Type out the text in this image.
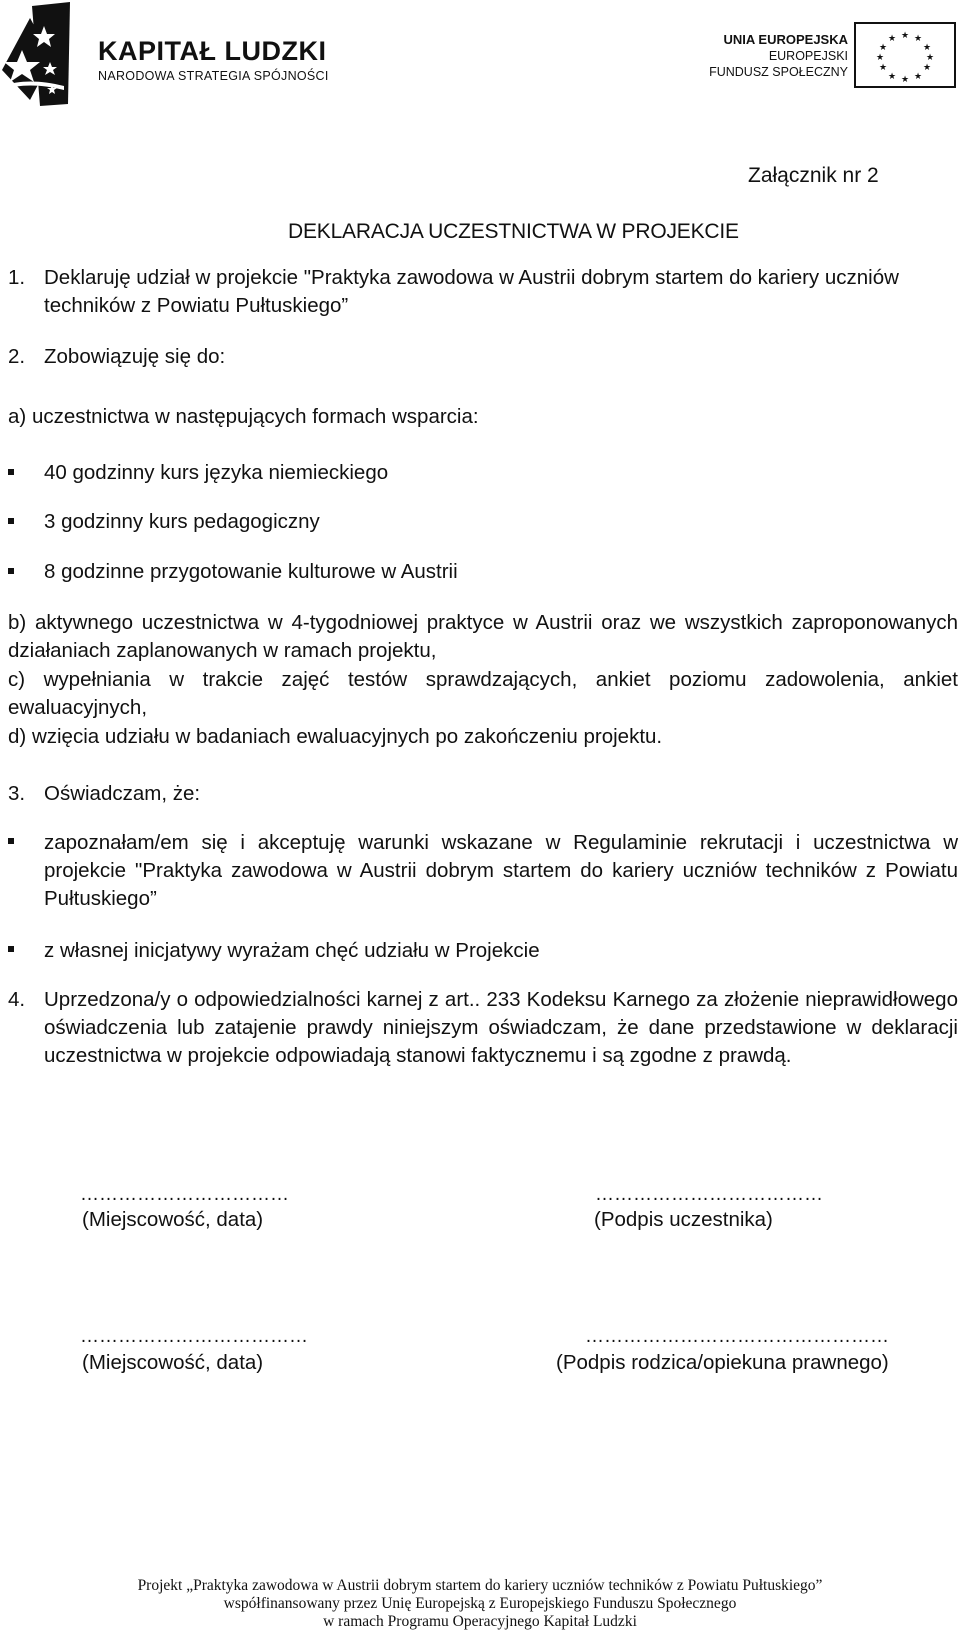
KAPITAŁ LUDZKI
NARODOWA STRATEGIA SPÓJNOŚCI
UNIA EUROPEJSKA
EUROPEJSKI
FUNDUSZ SPOŁECZNY
★ ★
★
★
★
★
★
★
★
★
★
★
Załącznik nr 2
DEKLARACJA UCZESTNICTWA W PROJEKCIE
1. Deklaruję udział w projekcie "Praktyka zawodowa w Austrii dobrym startem do kariery uczniów techników z Powiatu Pułtuskiego”
2. Zobowiązuję się do:
a) uczestnictwa w następujących formach wsparcia:
40 godzinny kurs języka niemieckiego
3 godzinny kurs pedagogiczny
8 godzinne przygotowanie kulturowe w Austrii
b) aktywnego uczestnictwa w 4-tygodniowej praktyce w Austrii oraz we wszystkich zaproponowanych działaniach zaplanowanych w ramach projektu,
c) wypełniania w trakcie zajęć testów sprawdzających, ankiet poziomu zadowolenia, ankiet ewaluacyjnych,
d) wzięcia udziału w badaniach ewaluacyjnych po zakończeniu projektu.
3. Oświadczam, że:
zapoznałam/em się i akceptuję warunki wskazane w Regulaminie rekrutacji i uczestnictwa w projekcie "Praktyka zawodowa w Austrii dobrym startem do kariery uczniów techników z Powiatu Pułtuskiego”
z własnej inicjatywy wyrażam chęć udziału w Projekcie
4. Uprzedzona/y o odpowiedzialności karnej z art.. 233 Kodeksu Karnego za złożenie nieprawidłowego oświadczenia lub zatajenie prawdy niniejszym oświadczam, że dane przedstawione w deklaracji uczestnictwa w projekcie odpowiadają stanowi faktycznemu i są zgodne z prawdą.
……………………………
(Miejscowość, data)
………………………………
(Podpis uczestnika)
………………………………
(Miejscowość, data)
…………………………………………
(Podpis rodzica/opiekuna prawnego)
Projekt „Praktyka zawodowa w Austrii dobrym startem do kariery uczniów techników z Powiatu Pułtuskiego”
współfinansowany przez Unię Europejską z Europejskiego Funduszu Społecznego
w ramach Programu Operacyjnego Kapitał Ludzki
